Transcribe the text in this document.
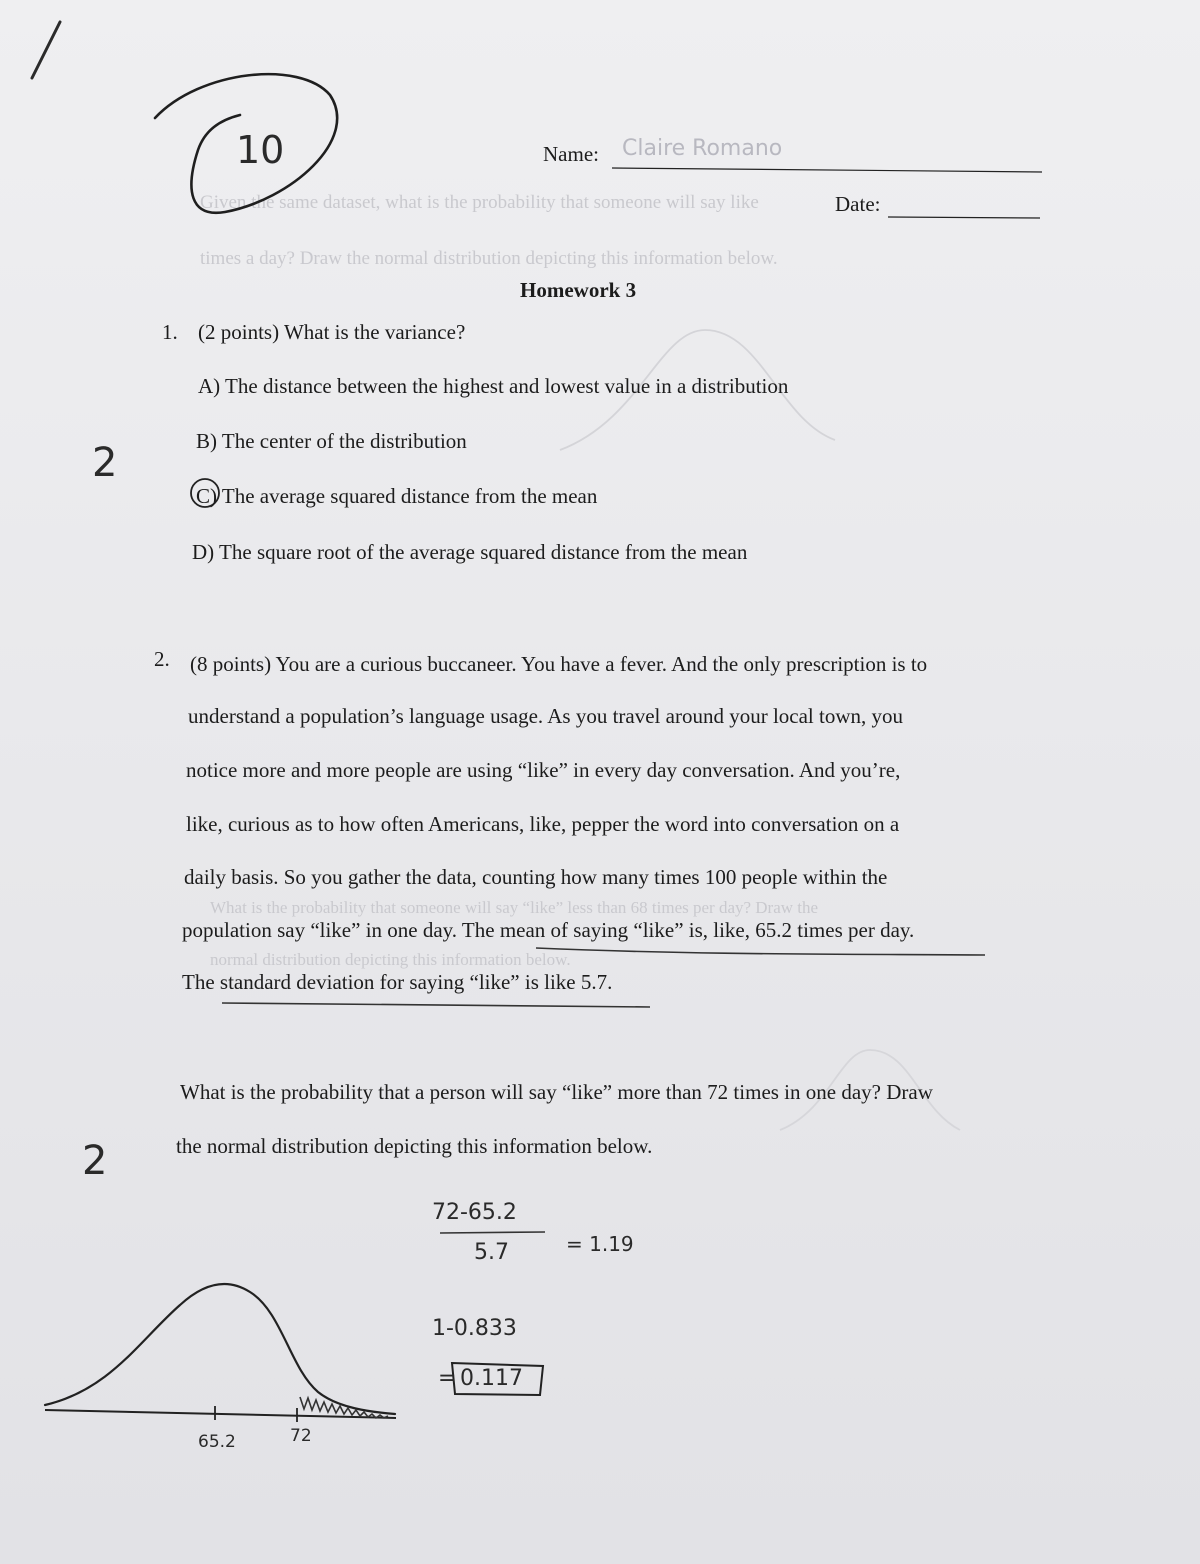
Given the same dataset, what is the probability that someone will say like
times a day? Draw the normal distribution depicting this information below.
What is the probability that someone will say “like” less than 68 times per day? Draw the
normal distribution depicting this information below.
10
2
2
Name: Claire Romano
Date:
Homework 3
1. (2 points) What is the variance?
A) The distance between the highest and lowest value in a distribution
B) The center of the distribution
C) The average squared distance from the mean
D) The square root of the average squared distance from the mean
2. (8 points) You are a curious buccaneer. You have a fever. And the only prescription is to
understand a population’s language usage. As you travel around your local town, you
notice more and more people are using “like” in every day conversation. And you’re,
like, curious as to how often Americans, like, pepper the word into conversation on a
daily basis. So you gather the data, counting how many times 100 people within the
population say “like” in one day. The mean of saying “like” is, like, 65.2 times per day.
The standard deviation for saying “like” is like 5.7.
What is the probability that a person will say “like” more than 72 times in one day? Draw
the normal distribution depicting this information below.
72-65.2
5.7	= 1.19
1-0.833
= 0.117
65.2	72
